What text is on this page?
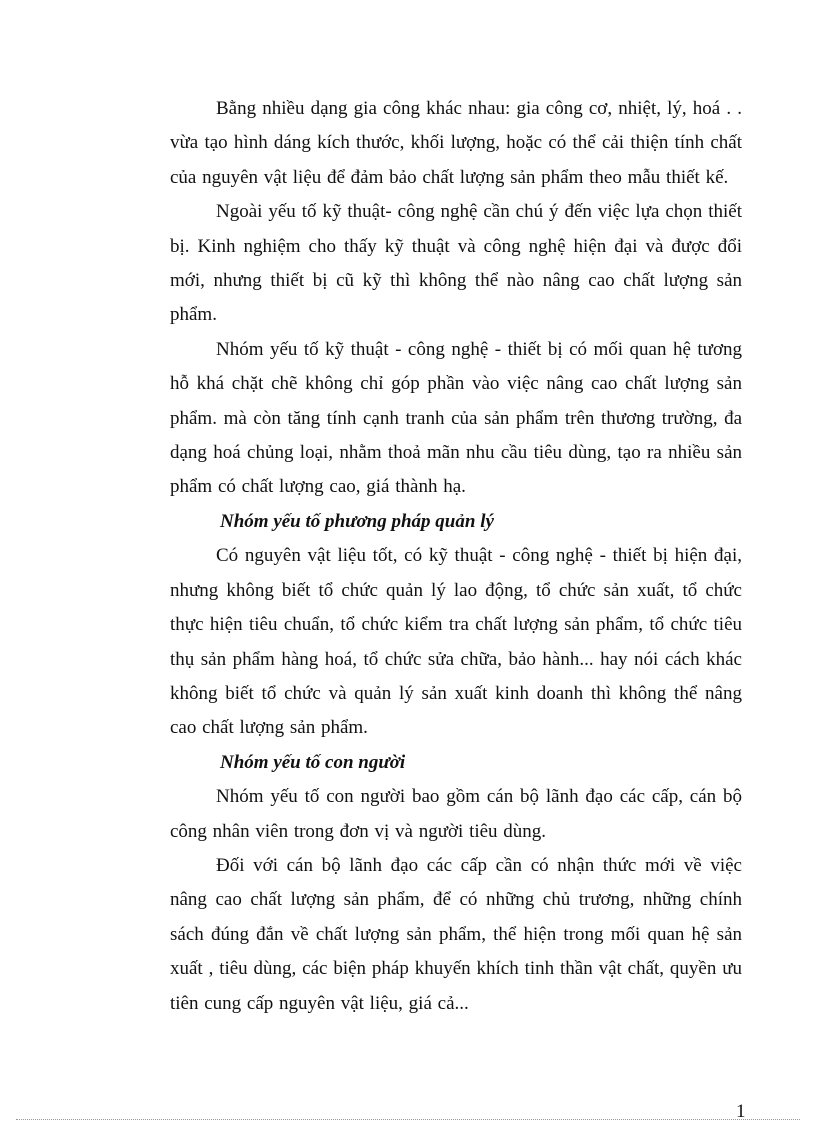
Bằng nhiều dạng gia công khác nhau: gia công cơ, nhiệt, lý, hoá . . vừa tạo hình dáng kích thước, khối lượng, hoặc có thể cải thiện tính chất của nguyên vật liệu để đảm bảo chất lượng sản phẩm theo mẫu thiết kế.

Ngoài yếu tố kỹ thuật- công nghệ cần chú ý đến việc lựa chọn thiết bị. Kinh nghiệm cho thấy kỹ thuật và công nghệ hiện đại và được đổi mới, nhưng thiết bị cũ kỹ thì không thể nào nâng cao chất lượng sản phẩm.

Nhóm yếu tố kỹ thuật - công nghệ - thiết bị có mối quan hệ tương hỗ khá chặt chẽ không chỉ góp phần vào việc nâng cao chất lượng sản phẩm. mà còn tăng tính cạnh tranh của sản phẩm trên thương trường, đa dạng hoá chủng loại, nhằm thoả mãn nhu cầu tiêu dùng, tạo ra nhiều sản phẩm có chất lượng cao, giá thành hạ.

Nhóm yếu tố phương pháp quản lý

Có nguyên vật liệu tốt, có kỹ thuật - công nghệ - thiết bị hiện đại, nhưng không biết tổ chức quản lý lao động, tổ chức sản xuất, tổ chức thực hiện tiêu chuẩn, tổ chức kiểm tra chất lượng sản phẩm, tổ chức tiêu thụ sản phẩm hàng hoá, tổ chức sửa chữa, bảo hành... hay nói cách khác không biết tổ chức và quản lý sản xuất kinh doanh thì không thể nâng cao chất lượng sản phẩm.

Nhóm yếu tố con người

Nhóm yếu tố con người bao gồm cán bộ lãnh đạo các cấp, cán bộ công nhân viên trong đơn vị và người tiêu dùng.

Đối với cán bộ lãnh đạo các cấp cần có nhận thức mới về việc nâng cao chất lượng sản phẩm, để có những chủ trương, những chính sách đúng đắn về chất lượng sản phẩm, thể hiện trong mối quan hệ sản xuất , tiêu dùng, các biện pháp khuyến khích tinh thần vật chất, quyền ưu tiên cung cấp nguyên vật liệu, giá cả...

1
